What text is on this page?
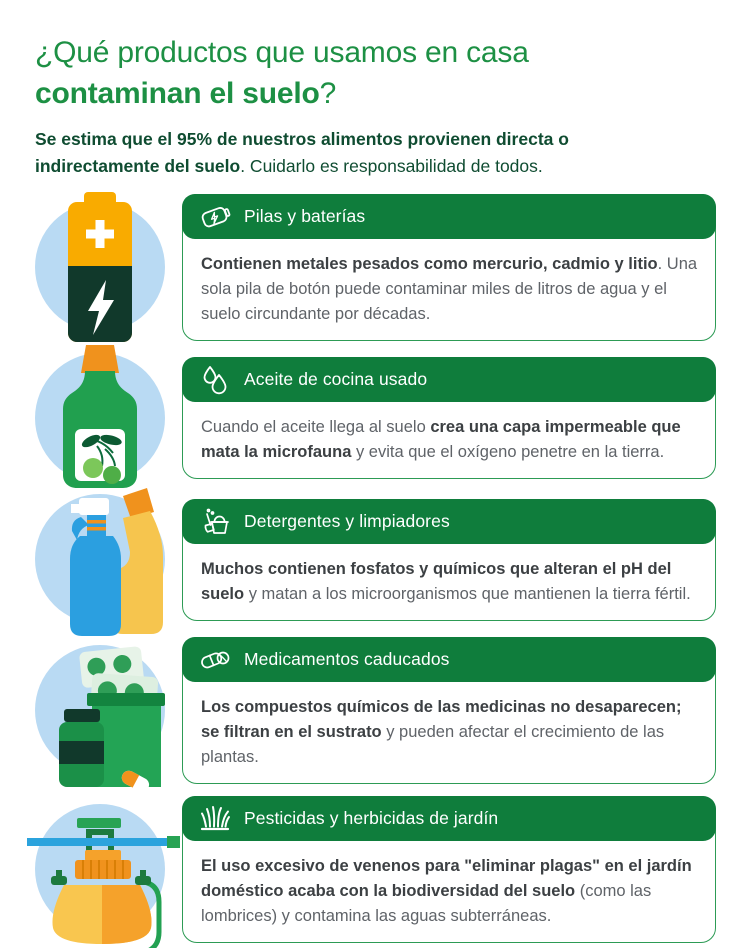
¿Qué productos que usamos en casa
contaminan el suelo?

Se estima que el 95% de nuestros alimentos provienen directa o indirectamente del suelo. Cuidarlo es responsabilidad de todos.

Pilas y baterías
Contienen metales pesados como mercurio, cadmio y litio. Una sola pila de botón puede contaminar miles de litros de agua y el suelo circundante por décadas.
Aceite de cocina usado
Cuando el aceite llega al suelo crea una capa impermeable que mata la microfauna y evita que el oxígeno penetre en la tierra.
Detergentes y limpiadores
Muchos contienen fosfatos y químicos que alteran el pH del suelo y matan a los microorganismos que mantienen la tierra fértil.
Medicamentos caducados
Los compuestos químicos de las medicinas no desaparecen; se filtran en el sustrato y pueden afectar el crecimiento de las plantas.
Pesticidas y herbicidas de jardín
El uso excesivo de venenos para "eliminar plagas" en el jardín doméstico acaba con la biodiversidad del suelo (como las lombrices) y contamina las aguas subterráneas.
